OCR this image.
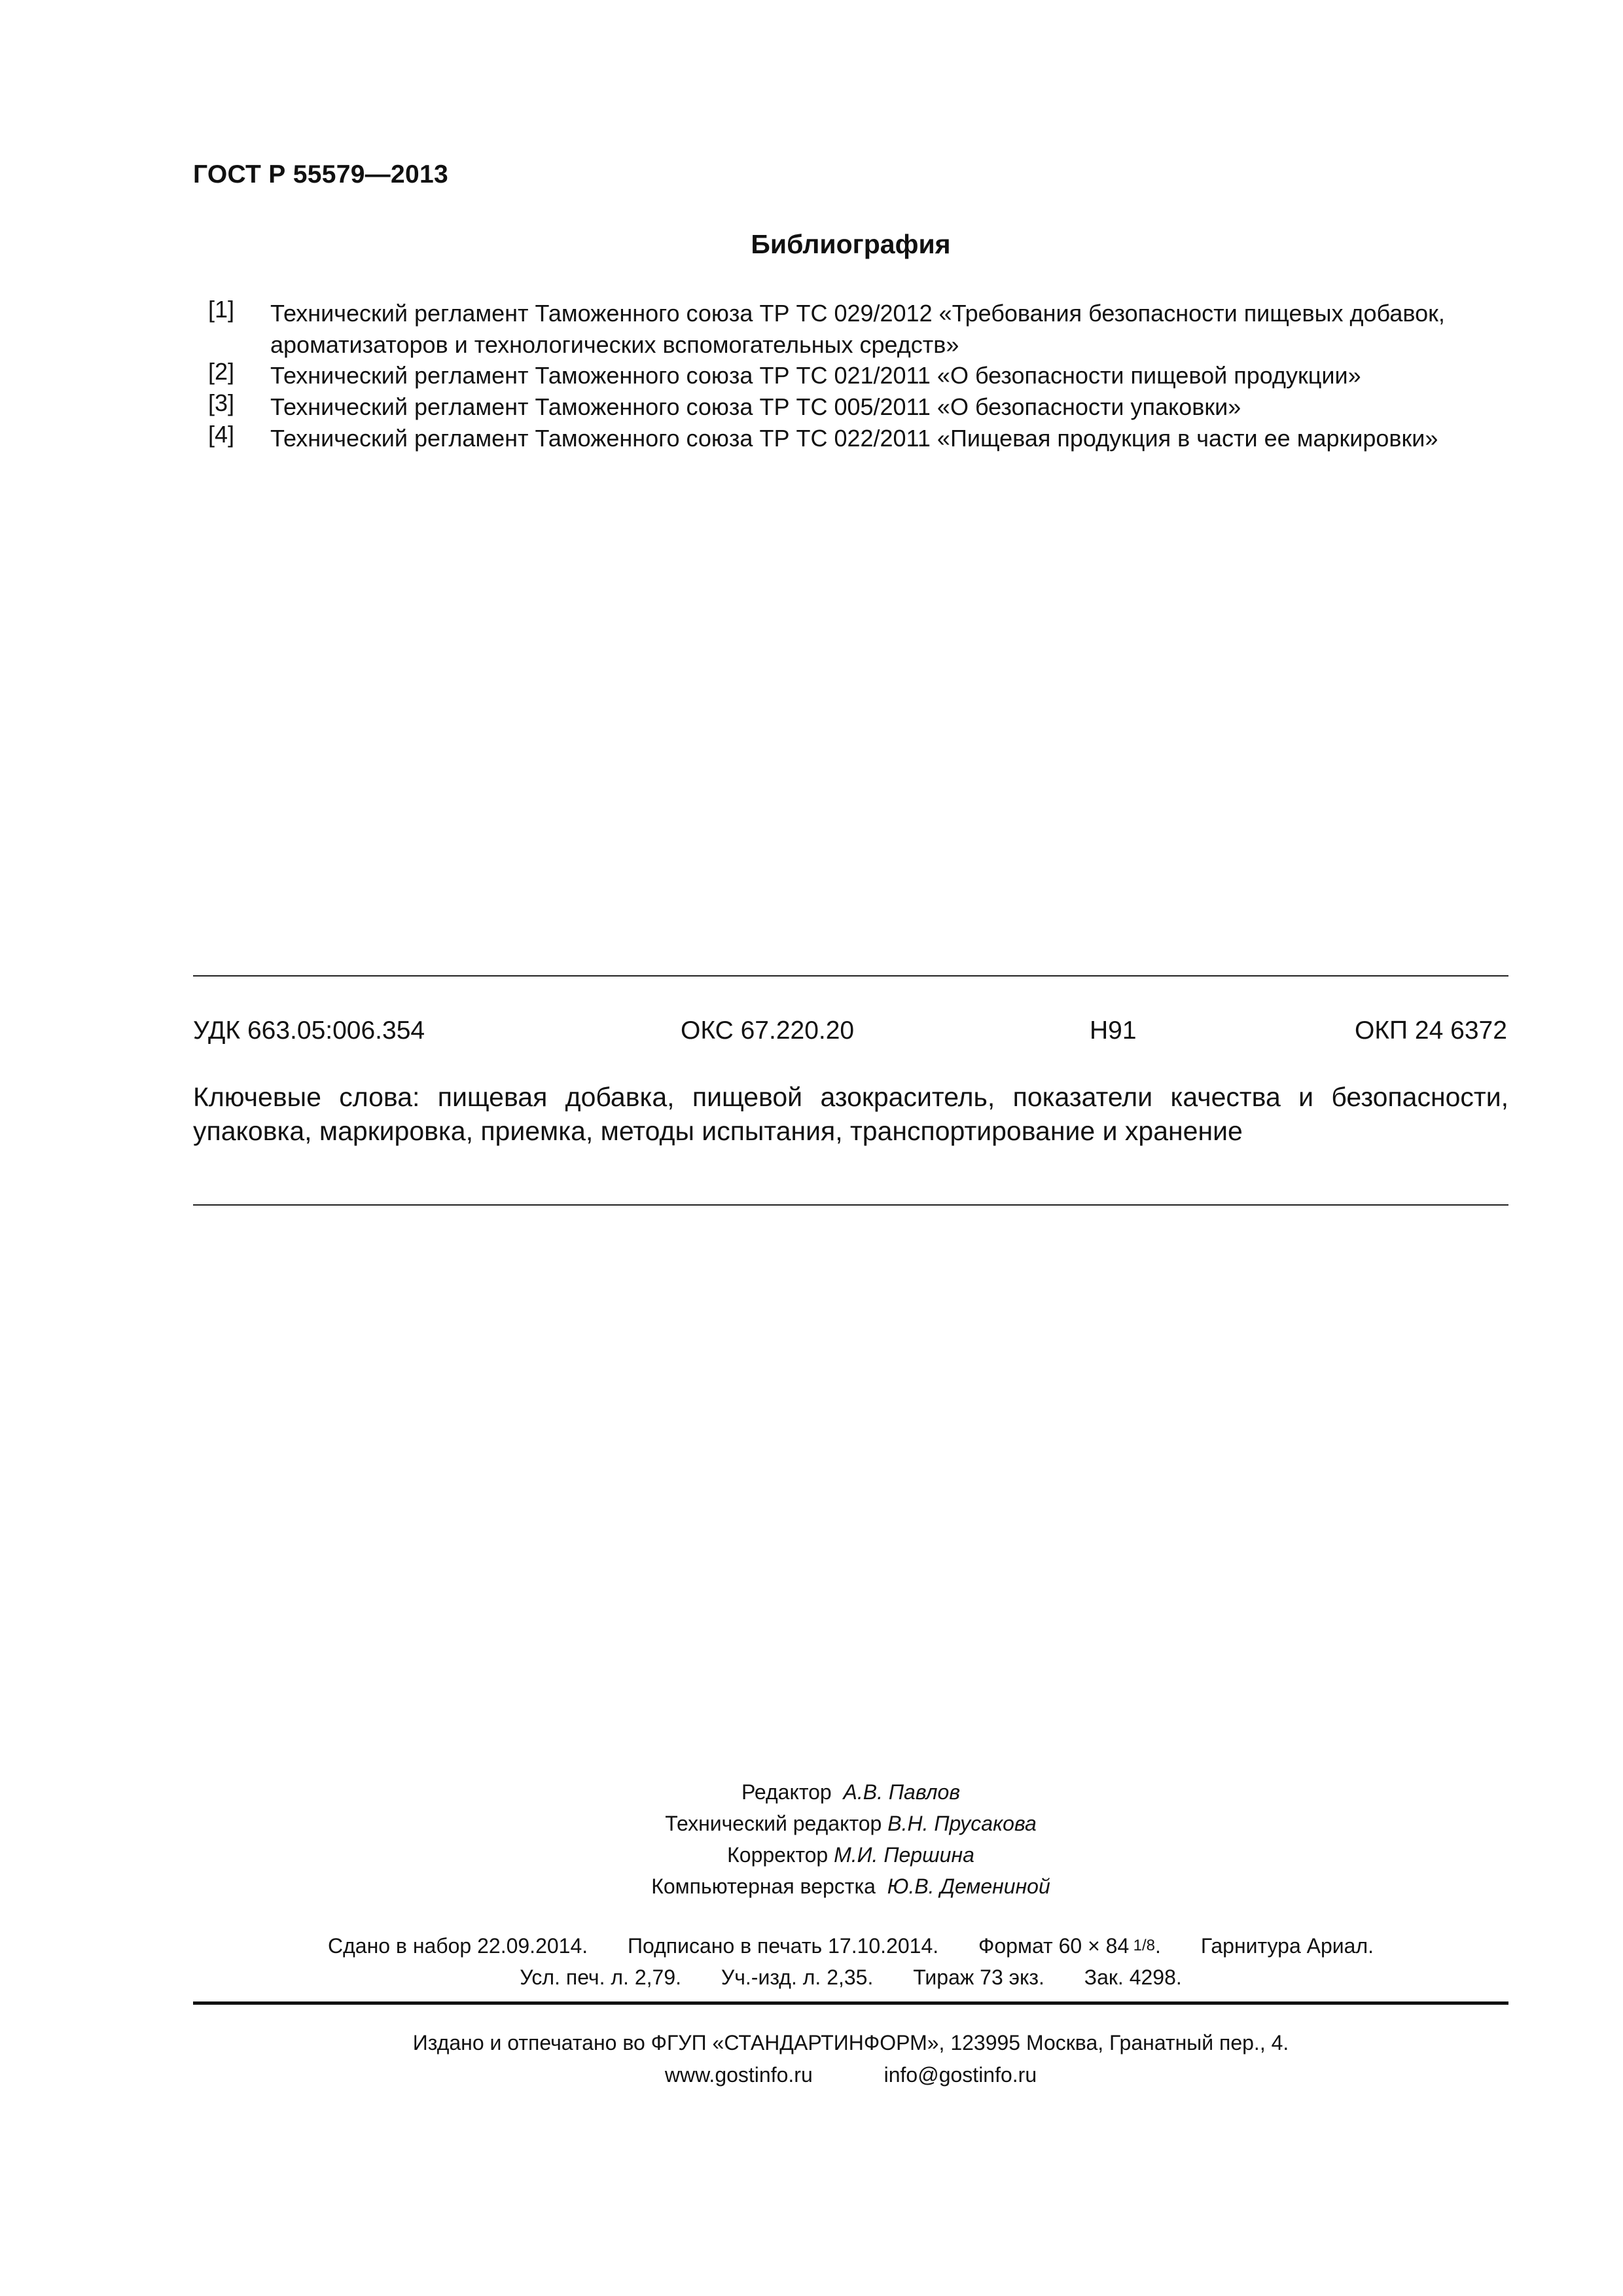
ГОСТ Р 55579—2013
Библиография
[1] Технический регламент Таможенного союза ТР ТС 029/2012 «Требования безопасности пищевых добавок, ароматизаторов и технологических вспомогательных средств»
[2] Технический регламент Таможенного союза ТР ТС 021/2011 «О безопасности пищевой продукции»
[3] Технический регламент Таможенного союза ТР ТС 005/2011 «О безопасности упаковки»
[4] Технический регламент Таможенного союза ТР ТС 022/2011 «Пищевая продукция в части ее маркировки»
УДК 663.05:006.354	ОКС 67.220.20	Н91	ОКП 24 6372
Ключевые слова: пищевая добавка, пищевой азокраситель, показатели качества и безопасности, упаковка, маркировка, приемка, методы испытания, транспортирование и хранение
Редактор А.В. Павлов
Технический редактор В.Н. Прусакова
Корректор М.И. Першина
Компьютерная верстка Ю.В. Демениной
Сдано в набор 22.09.2014. Подписано в печать 17.10.2014. Формат 60 × 84  1/8. Гарнитура Ариал.
Усл. печ. л. 2,79. Уч.-изд. л. 2,35. Тираж 73 экз. Зак. 4298.
Издано и отпечатано во ФГУП «СТАНДАРТИНФОРМ», 123995 Москва, Гранатный пер., 4.
www.gostinfo.ru	info@gostinfo.ru
